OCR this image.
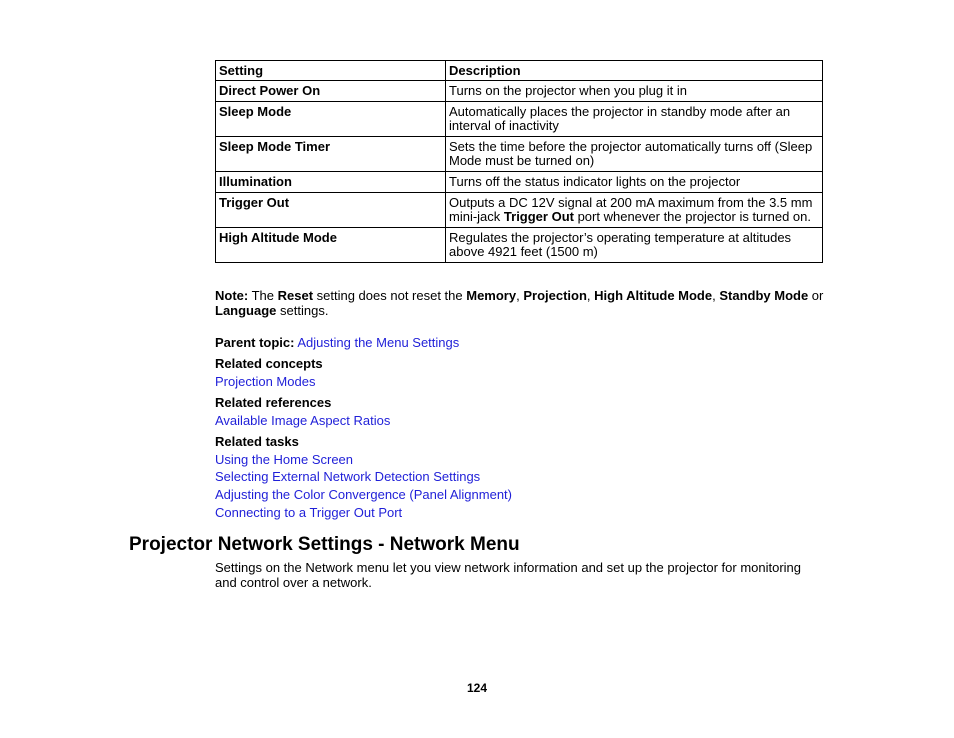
Setting	Description
Direct Power On	Turns on the projector when you plug it in
Sleep Mode	Automatically places the projector in standby mode after an interval of inactivity
Sleep Mode Timer	Sets the time before the projector automatically turns off (Sleep Mode must be turned on)
Illumination	Turns off the status indicator lights on the projector
Trigger Out	Outputs a DC 12V signal at 200 mA maximum from the 3.5 mm mini-jack Trigger Out port whenever the projector is turned on.
High Altitude Mode	Regulates the projector’s operating temperature at altitudes above 4921 feet (1500 m)
Note: The Reset setting does not reset the Memory, Projection, High Altitude Mode, Standby Mode or Language settings.
Parent topic: Adjusting the Menu Settings
Related concepts
Projection Modes
Related references
Available Image Aspect Ratios
Related tasks
Using the Home Screen
Selecting External Network Detection Settings
Adjusting the Color Convergence (Panel Alignment)
Connecting to a Trigger Out Port
Projector Network Settings - Network Menu
Settings on the Network menu let you view network information and set up the projector for monitoring and control over a network.
124
